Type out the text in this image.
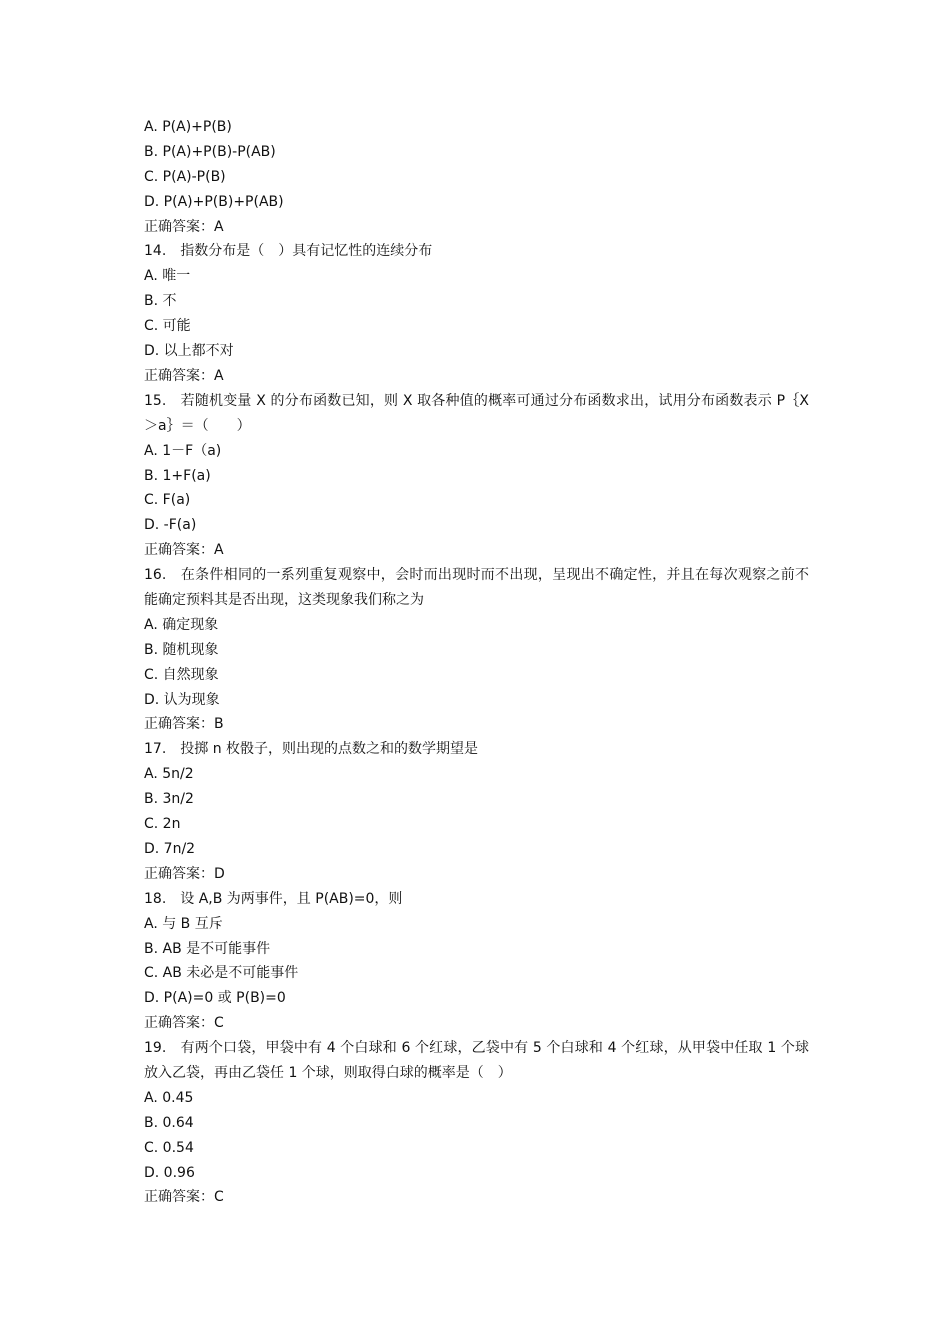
A. P(A)+P(B)
B. P(A)+P(B)-P(AB)
C. P(A)-P(B)
D. P(A)+P(B)+P(AB)
正确答案：A
14.　指数分布是（　）具有记忆性的连续分布
A. 唯一
B. 不
C. 可能
D. 以上都不对
正确答案：A
15.　若随机变量 X 的分布函数已知，则 X 取各种值的概率可通过分布函数求出，试用分布函数表示 P｛X＞a｝＝（　　）
A. 1－F（a)
B. 1+F(a)
C. F(a)
D. -F(a)
正确答案：A
16.　在条件相同的一系列重复观察中，会时而出现时而不出现，呈现出不确定性，并且在每次观察之前不能确定预料其是否出现，这类现象我们称之为
A. 确定现象
B. 随机现象
C. 自然现象
D. 认为现象
正确答案：B
17.　投掷 n 枚骰子，则出现的点数之和的数学期望是
A. 5n/2
B. 3n/2
C. 2n
D. 7n/2
正确答案：D
18.　设 A,B 为两事件，且 P(AB)=0，则
A. 与 B 互斥
B. AB 是不可能事件
C. AB 未必是不可能事件
D. P(A)=0 或 P(B)=0
正确答案：C
19.　有两个口袋，甲袋中有 4 个白球和 6 个红球，乙袋中有 5 个白球和 4 个红球，从甲袋中任取 1 个球放入乙袋，再由乙袋任 1 个球，则取得白球的概率是（　）
A. 0.45
B. 0.64
C. 0.54
D. 0.96
正确答案：C
